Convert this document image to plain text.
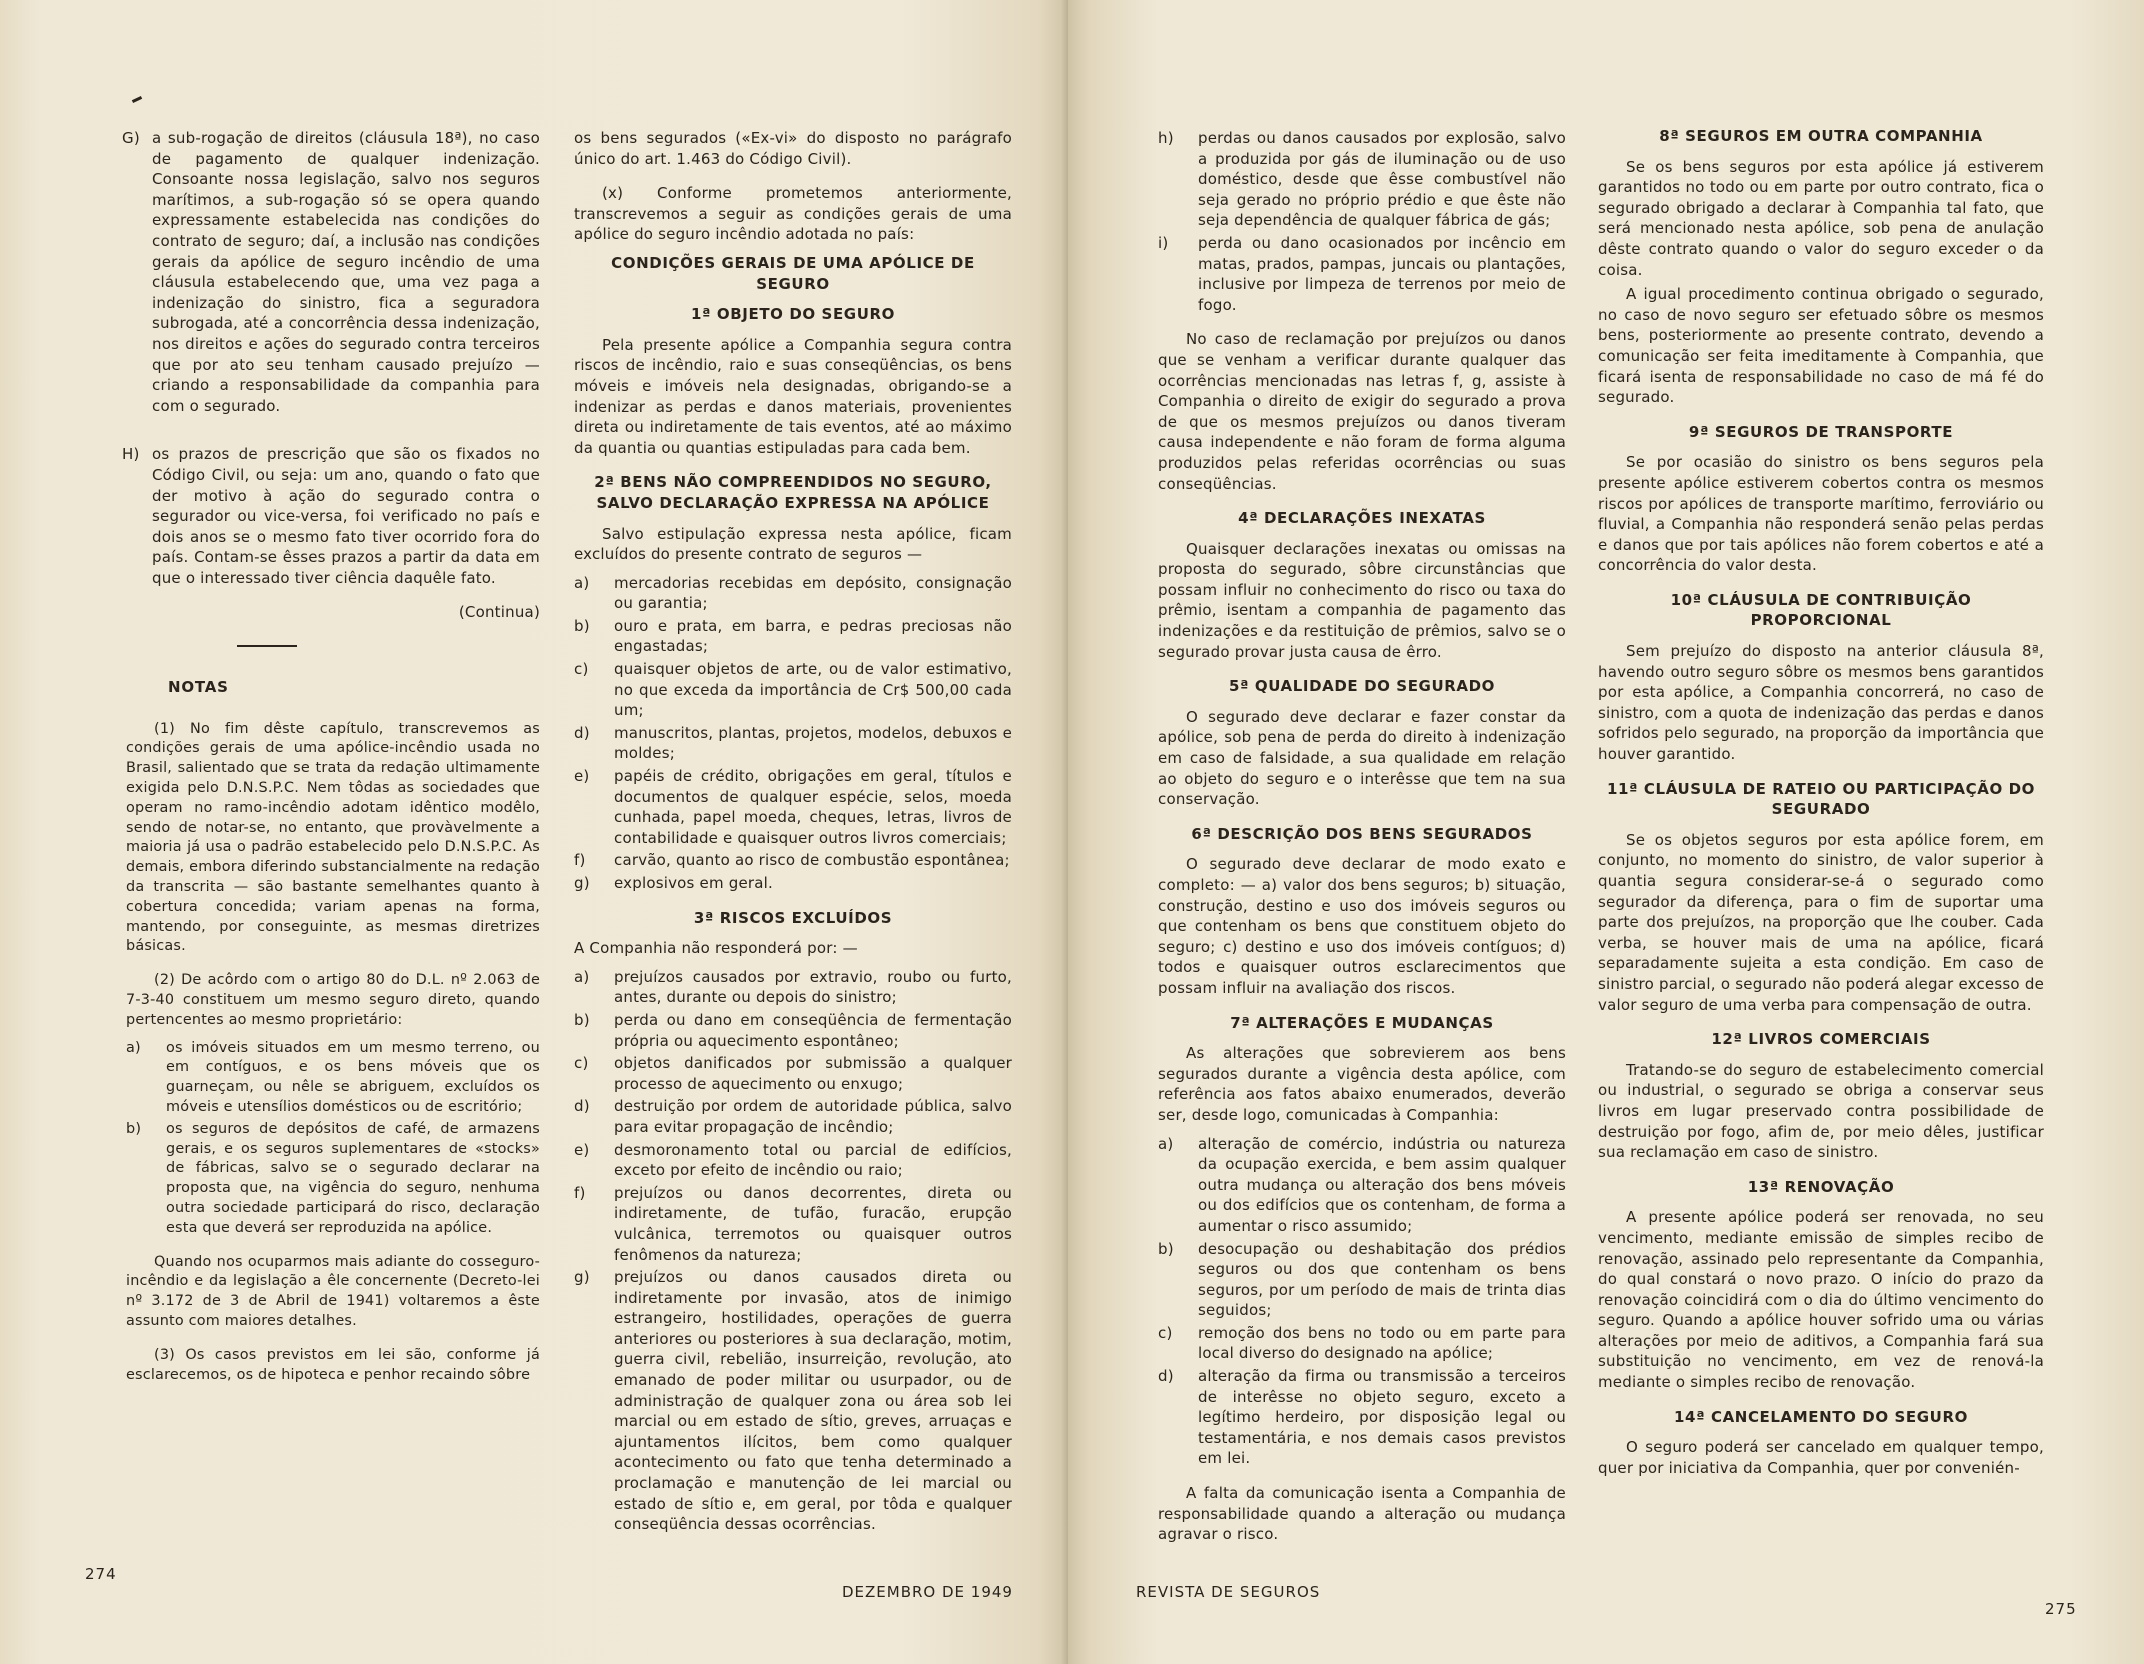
G) a sub-rogação de direitos (cláusula 18ª), no caso de pagamento de qualquer indenização. Consoante nossa legislação, salvo nos seguros marítimos, a sub-rogação só se opera quando expressamente estabelecida nas condições do contrato de seguro; daí, a inclusão nas condições gerais da apólice de seguro incêndio de uma cláusula estabelecendo que, uma vez paga a indenização do sinistro, fica a seguradora subrogada, até a concorrência dessa indenização, nos direitos e ações do segurado contra terceiros que por ato seu tenham causado prejuízo — criando a responsabilidade da companhia para com o segurado.
H) os prazos de prescrição que são os fixados no Código Civil, ou seja: um ano, quando o fato que der motivo à ação do segurado contra o segurador ou vice-versa, foi verificado no país e dois anos se o mesmo fato tiver ocorrido fora do país. Contam-se êsses prazos a partir da data em que o interessado tiver ciência daquêle fato.

(Continua)

NOTAS

(1) No fim dêste capítulo, transcrevemos as condições gerais de uma apólice-incêndio usada no Brasil, salientado que se trata da redação ultimamente exigida pelo D.N.S.P.C. Nem tôdas as sociedades que operam no ramo-incêndio adotam idêntico modêlo, sendo de notar-se, no entanto, que provàvelmente a maioria já usa o padrão estabelecido pelo D.N.S.P.C. As demais, embora diferindo substancialmente na redação da transcrita — são bastante semelhantes quanto à cobertura concedida; variam apenas na forma, mantendo, por conseguinte, as mesmas diretrizes básicas.

(2) De acôrdo com o artigo 80 do D.L. nº 2.063 de 7-3-40 constituem um mesmo seguro direto, quando pertencentes ao mesmo proprietário:

a)	os imóveis situados em um mesmo terreno, ou em contíguos, e os bens móveis que os guarneçam, ou nêle se abriguem, excluídos os móveis e utensílios domésticos ou de escritório;
b)	os seguros de depósitos de café, de armazens gerais, e os seguros suplementares de «stocks» de fábricas, salvo se o segurado declarar na proposta que, na vigência do seguro, nenhuma outra sociedade participará do risco, declaração esta que deverá ser reproduzida na apólice.

Quando nos ocuparmos mais adiante do cosseguro-incêndio e da legislação a êle concernente (Decreto-lei nº 3.172 de 3 de Abril de 1941) voltaremos a êste assunto com maiores detalhes.

(3) Os casos previstos em lei são, conforme já esclarecemos, os de hipoteca e penhor recaindo sôbre

os bens segurados («Ex-vi» do disposto no parágrafo único do art. 1.463 do Código Civil).

(x) Conforme prometemos anteriormente, transcrevemos a seguir as condições gerais de uma apólice do seguro incêndio adotada no país:

CONDIÇÕES GERAIS DE UMA APÓLICE DE SEGURO
1ª OBJETO DO SEGURO

Pela presente apólice a Companhia segura contra riscos de incêndio, raio e suas conseqüências, os bens móveis e imóveis nela designadas, obrigando-se a indenizar as perdas e danos materiais, provenientes direta ou indiretamente de tais eventos, até ao máximo da quantia ou quantias estipuladas para cada bem.

2ª BENS NÃO COMPREENDIDOS NO SEGURO, SALVO DECLARAÇÃO EXPRESSA NA APÓLICE

Salvo estipulação expressa nesta apólice, ficam excluídos do presente contrato de seguros —

a)	mercadorias recebidas em depósito, consignação ou garantia;
b)	ouro e prata, em barra, e pedras preciosas não engastadas;
c)	quaisquer objetos de arte, ou de valor estimativo, no que exceda da importância de Cr$ 500,00 cada um;
d)	manuscritos, plantas, projetos, modelos, debuxos e moldes;
e)	papéis de crédito, obrigações em geral, títulos e documentos de qualquer espécie, selos, moeda cunhada, papel moeda, cheques, letras, livros de contabilidade e quaisquer outros livros comerciais;
f)	carvão, quanto ao risco de combustão espontânea;
g)	explosivos em geral.
3ª RISCOS EXCLUÍDOS

A Companhia não responderá por: —

a)	prejuízos causados por extravio, roubo ou furto, antes, durante ou depois do sinistro;
b)	perda ou dano em conseqüência de fermentação própria ou aquecimento espontâneo;
c)	objetos danificados por submissão a qualquer processo de aquecimento ou enxugo;
d)	destruição por ordem de autoridade pública, salvo para evitar propagação de incêndio;
e)	desmoronamento total ou parcial de edifícios, exceto por efeito de incêndio ou raio;
f)	prejuízos ou danos decorrentes, direta ou indiretamente, de tufão, furacão, erupção vulcânica, terremotos ou quaisquer outros fenômenos da natureza;
g)	prejuízos ou danos causados direta ou indiretamente por invasão, atos de inimigo estrangeiro, hostilidades, operações de guerra anteriores ou posteriores à sua declaração, motim, guerra civil, rebelião, insurreição, revolução, ato emanado de poder militar ou usurpador, ou de administração de qualquer zona ou área sob lei marcial ou em estado de sítio, greves, arruaças e ajuntamentos ilícitos, bem como qualquer acontecimento ou fato que tenha determinado a proclamação e manutenção de lei marcial ou estado de sítio e, em geral, por tôda e qualquer conseqüência dessas ocorrências.
274
DEZEMBRO DE 1949
h)	perdas ou danos causados por explosão, salvo a produzida por gás de iluminação ou de uso doméstico, desde que êsse combustível não seja gerado no próprio prédio e que êste não seja dependência de qualquer fábrica de gás;
i)	perda ou dano ocasionados por incêncio em matas, prados, pampas, juncais ou plantações, inclusive por limpeza de terrenos por meio de fogo.

No caso de reclamação por prejuízos ou danos que se venham a verificar durante qualquer das ocorrências mencionadas nas letras f, g, assiste à Companhia o direito de exigir do segurado a prova de que os mesmos prejuízos ou danos tiveram causa independente e não foram de forma alguma produzidos pelas referidas ocorrências ou suas conseqüências.

4ª DECLARAÇÕES INEXATAS

Quaisquer declarações inexatas ou omissas na proposta do segurado, sôbre circunstâncias que possam influir no conhecimento do risco ou taxa do prêmio, isentam a companhia de pagamento das indenizações e da restituição de prêmios, salvo se o segurado provar justa causa de êrro.

5ª QUALIDADE DO SEGURADO

O segurado deve declarar e fazer constar da apólice, sob pena de perda do direito à indenização em caso de falsidade, a sua qualidade em relação ao objeto do seguro e o interêsse que tem na sua conservação.

6ª DESCRIÇÃO DOS BENS SEGURADOS

O segurado deve declarar de modo exato e completo: — a) valor dos bens seguros; b) situação, construção, destino e uso dos imóveis seguros ou que contenham os bens que constituem objeto do seguro; c) destino e uso dos imóveis contíguos; d) todos e quaisquer outros esclarecimentos que possam influir na avaliação dos riscos.

7ª ALTERAÇÕES E MUDANÇAS

As alterações que sobrevierem aos bens segurados durante a vigência desta apólice, com referência aos fatos abaixo enumerados, deverão ser, desde logo, comunicadas à Companhia:

a)	alteração de comércio, indústria ou natureza da ocupação exercida, e bem assim qualquer outra mudança ou alteração dos bens móveis ou dos edifícios que os contenham, de forma a aumentar o risco assumido;
b)	desocupação ou deshabitação dos prédios seguros ou dos que contenham os bens seguros, por um período de mais de trinta dias seguidos;
c)	remoção dos bens no todo ou em parte para local diverso do designado na apólice;
d)	alteração da firma ou transmissão a terceiros de interêsse no objeto seguro, exceto a legítimo herdeiro, por disposição legal ou testamentária, e nos demais casos previstos em lei.

A falta da comunicação isenta a Companhia de responsabilidade quando a alteração ou mudança agravar o risco.

8ª SEGUROS EM OUTRA COMPANHIA

Se os bens seguros por esta apólice já estiverem garantidos no todo ou em parte por outro contrato, fica o segurado obrigado a declarar à Companhia tal fato, que será mencionado nesta apólice, sob pena de anulação dêste contrato quando o valor do seguro exceder o da coisa.

A igual procedimento continua obrigado o segurado, no caso de novo seguro ser efetuado sôbre os mesmos bens, posteriormente ao presente contrato, devendo a comunicação ser feita imeditamente à Companhia, que ficará isenta de responsabilidade no caso de má fé do segurado.

9ª SEGUROS DE TRANSPORTE

Se por ocasião do sinistro os bens seguros pela presente apólice estiverem cobertos contra os mesmos riscos por apólices de transporte marítimo, ferroviário ou fluvial, a Companhia não responderá senão pelas perdas e danos que por tais apólices não forem cobertos e até a concorrência do valor desta.

10ª CLÁUSULA DE CONTRIBUIÇÃO PROPORCIONAL

Sem prejuízo do disposto na anterior cláusula 8ª, havendo outro seguro sôbre os mesmos bens garantidos por esta apólice, a Companhia concorrerá, no caso de sinistro, com a quota de indenização das perdas e danos sofridos pelo segurado, na proporção da importância que houver garantido.

11ª CLÁUSULA DE RATEIO OU PARTICIPAÇÃO DO SEGURADO

Se os objetos seguros por esta apólice forem, em conjunto, no momento do sinistro, de valor superior à quantia segura considerar-se-á o segurado como segurador da diferença, para o fim de suportar uma parte dos prejuízos, na proporção que lhe couber. Cada verba, se houver mais de uma na apólice, ficará separadamente sujeita a esta condição. Em caso de sinistro parcial, o segurado não poderá alegar excesso de valor seguro de uma verba para compensação de outra.

12ª LIVROS COMERCIAIS

Tratando-se do seguro de estabelecimento comercial ou industrial, o segurado se obriga a conservar seus livros em lugar preservado contra possibilidade de destruição por fogo, afim de, por meio dêles, justificar sua reclamação em caso de sinistro.

13ª RENOVAÇÃO

A presente apólice poderá ser renovada, no seu vencimento, mediante emissão de simples recibo de renovação, assinado pelo representante da Companhia, do qual constará o novo prazo. O início do prazo da renovação coincidirá com o dia do último vencimento do seguro. Quando a apólice houver sofrido uma ou várias alterações por meio de aditivos, a Companhia fará sua substituição no vencimento, em vez de renová-la mediante o simples recibo de renovação.

14ª CANCELAMENTO DO SEGURO

O seguro poderá ser cancelado em qualquer tempo, quer por iniciativa da Companhia, quer por convenién-

REVISTA DE SEGUROS
275
